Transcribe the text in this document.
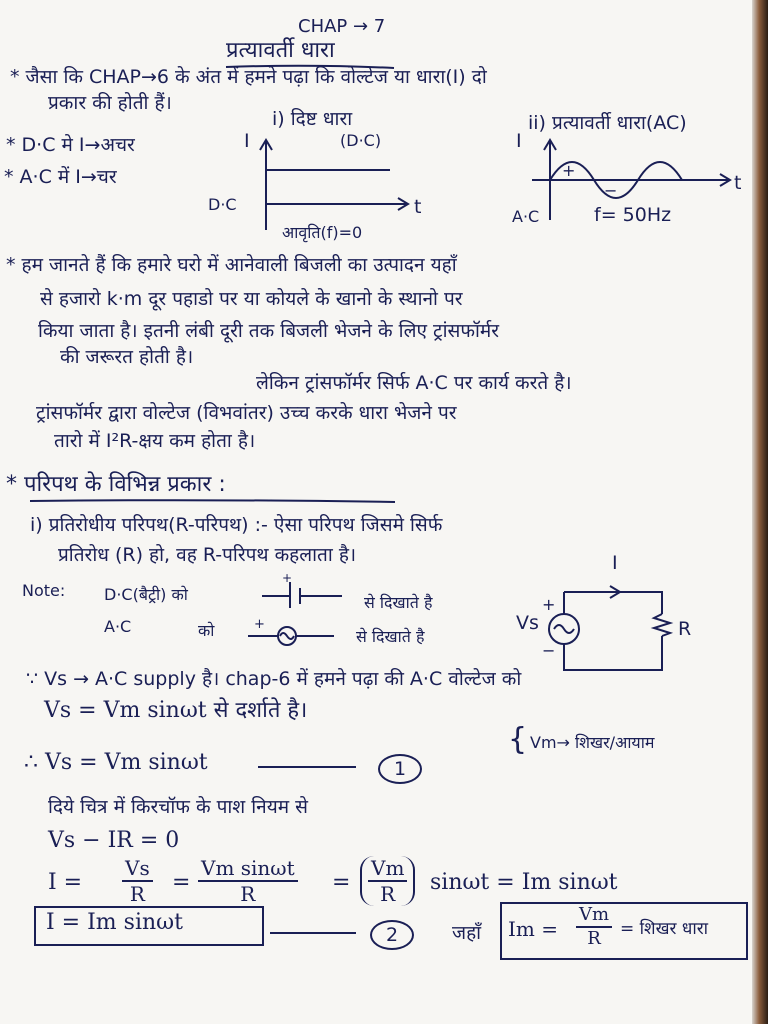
CHAP → 7
प्रत्यावर्ती धारा
* जैसा कि CHAP→6 के अंत में हमने पढ़ा कि वोल्टेज या धारा(I) दो
प्रकार की होती हैं।
i) दिष्ट धारा
(D·C)
ii) प्रत्यावर्ती धारा(AC)
* D·C मे I→अचर
* A·C में I→चर
I
D·C	t
आवृति(f)=0
I
+
−	t
A·C	f= 50Hz
* हम जानते हैं कि हमारे घरो में आनेवाली बिजली का उत्पादन यहाँ
से हजारो k·m दूर पहाडो पर या कोयले के खानो के स्थानो पर
किया जाता है। इतनी लंबी दूरी तक बिजली भेजने के लिए ट्रांसफॉर्मर
की जरूरत होती है।
लेकिन ट्रांसफॉर्मर सिर्फ A·C पर कार्य करते है।
ट्रांसफॉर्मर द्वारा वोल्टेज (विभवांतर) उच्च करके धारा भेजने पर
तारो में I²R-क्षय कम होता है।
* परिपथ के विभिन्न प्रकार :
i) प्रतिरोधीय परिपथ(R-परिपथ) :- ऐसा परिपथ जिसमे सिर्फ
प्रतिरोध (R) हो, वह R-परिपथ कहलाता है।
Note: D·C(बैट्री) को
+
से दिखाते है
A·C	को	+
से दिखाते है
I
Vs
+
−
R
∵ Vs → A·C supply है। chap-6 में हमने पढ़ा की A·C वोल्टेज को
Vs = Vm sinωt से दर्शाते है।
∴ Vs = Vm sinωt	1
{ Vm→ शिखर/आयाम
दिये चित्र में किरचॉफ के पाश नियम से
Vs − IR = 0
$I = \frac{Vs}{R} = \frac{\text{Vm sinωt}}{R} = \frac{Vm}{R}$ sinωt = Im sinωt
I = Im sinωt	2	जहाँ $Im = \frac{Vm}{R}$ = शिखर धारा
